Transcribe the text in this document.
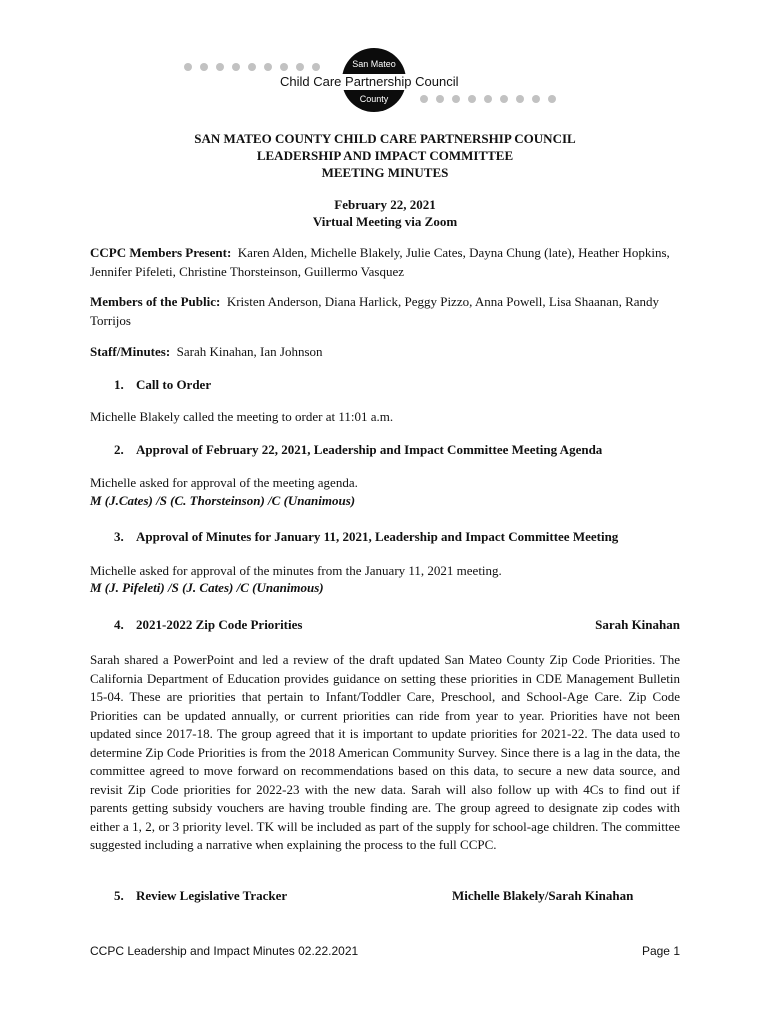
San Mateo
Child Care Partnership Council
County
SAN MATEO COUNTY CHILD CARE PARTNERSHIP COUNCIL
LEADERSHIP AND IMPACT COMMITTEE
MEETING MINUTES
February 22, 2021
Virtual Meeting via Zoom

CCPC Members Present: Karen Alden, Michelle Blakely, Julie Cates, Dayna Chung (late), Heather Hopkins, Jennifer Pifeleti, Christine Thorsteinson, Guillermo Vasquez

Members of the Public: Kristen Anderson, Diana Harlick, Peggy Pizzo, Anna Powell, Lisa Shaanan, Randy Torrijos

Staff/Minutes: Sarah Kinahan, Ian Johnson

1. Call to Order

Michelle Blakely called the meeting to order at 11:01 a.m.

2. Approval of February 22, 2021, Leadership and Impact Committee Meeting Agenda

Michelle asked for approval of the meeting agenda.

M (J.Cates) /S (C. Thorsteinson) /C (Unanimous)

3. Approval of Minutes for January 11, 2021, Leadership and Impact Committee Meeting

Michelle asked for approval of the minutes from the January 11, 2021 meeting.

M (J. Pifeleti) /S (J. Cates) /C (Unanimous)

4. 2021-2022 Zip Code Priorities	Sarah Kinahan

Sarah shared a PowerPoint and led a review of the draft updated San Mateo County Zip Code Priorities. The California Department of Education provides guidance on setting these priorities in CDE Management Bulletin 15-04. These are priorities that pertain to Infant/Toddler Care, Preschool, and School-Age Care. Zip Code Priorities can be updated annually, or current priorities can ride from year to year. Priorities have not been updated since 2017-18. The group agreed that it is important to update priorities for 2021-22. The data used to determine Zip Code Priorities is from the 2018 American Community Survey. Since there is a lag in the data, the committee agreed to move forward on recommendations based on this data, to secure a new data source, and revisit Zip Code priorities for 2022-23 with the new data. Sarah will also follow up with 4Cs to find out if parents getting subsidy vouchers are having trouble finding are. The group agreed to designate zip codes with either a 1, 2, or 3 priority level. TK will be included as part of the supply for school-age children. The committee suggested including a narrative when explaining the process to the full CCPC.

5. Review Legislative Tracker	Michelle Blakely/Sarah Kinahan
CCPC Leadership and Impact Minutes 02.22.2021	Page 1
